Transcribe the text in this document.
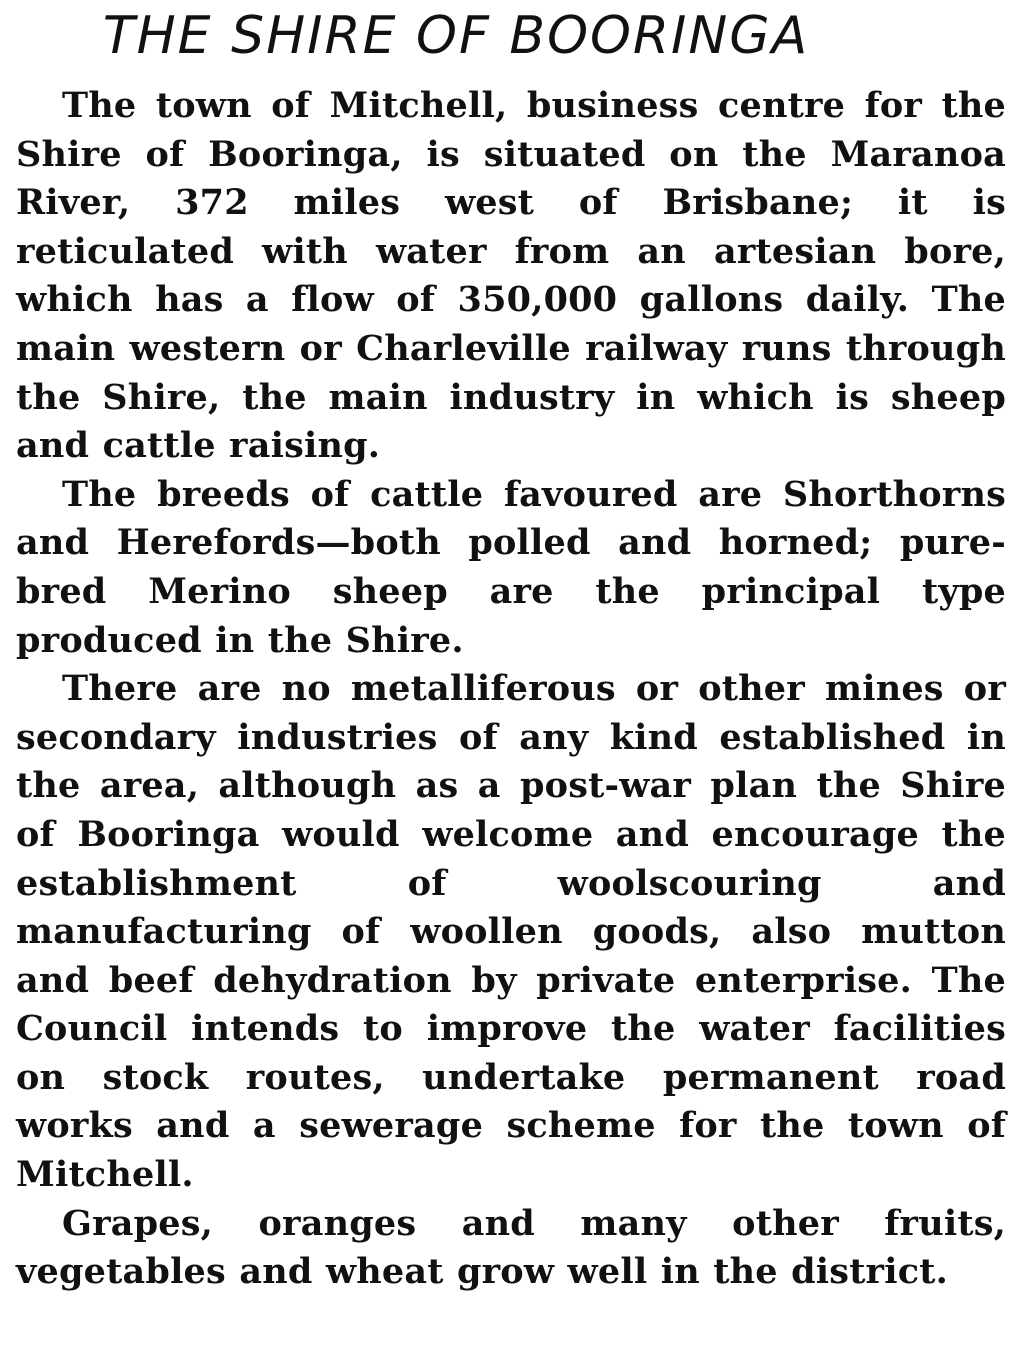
THE SHIRE OF BOORINGA

The town of Mitchell, business centre for the Shire of Booringa, is situated on the Maranoa River, 372 miles west of Brisbane; it is reticulated with water from an artesian bore, which has a flow of 350,000 gallons daily. The main western or Charleville railway runs through the Shire, the main industry in which is sheep and cattle raising.

The breeds of cattle favoured are Shorthorns and Herefords—both polled and horned; pure-bred Merino sheep are the principal type produced in the Shire.

There are no metalliferous or other mines or secondary industries of any kind established in the area, although as a post-war plan the Shire of Booringa would welcome and encourage the establishment of woolscouring and manufacturing of woollen goods, also mutton and beef dehydration by private enterprise. The Council intends to improve the water facilities on stock routes, undertake permanent road works and a sewerage scheme for the town of Mitchell.

Grapes, oranges and many other fruits, vegetables and wheat grow well in the district.
